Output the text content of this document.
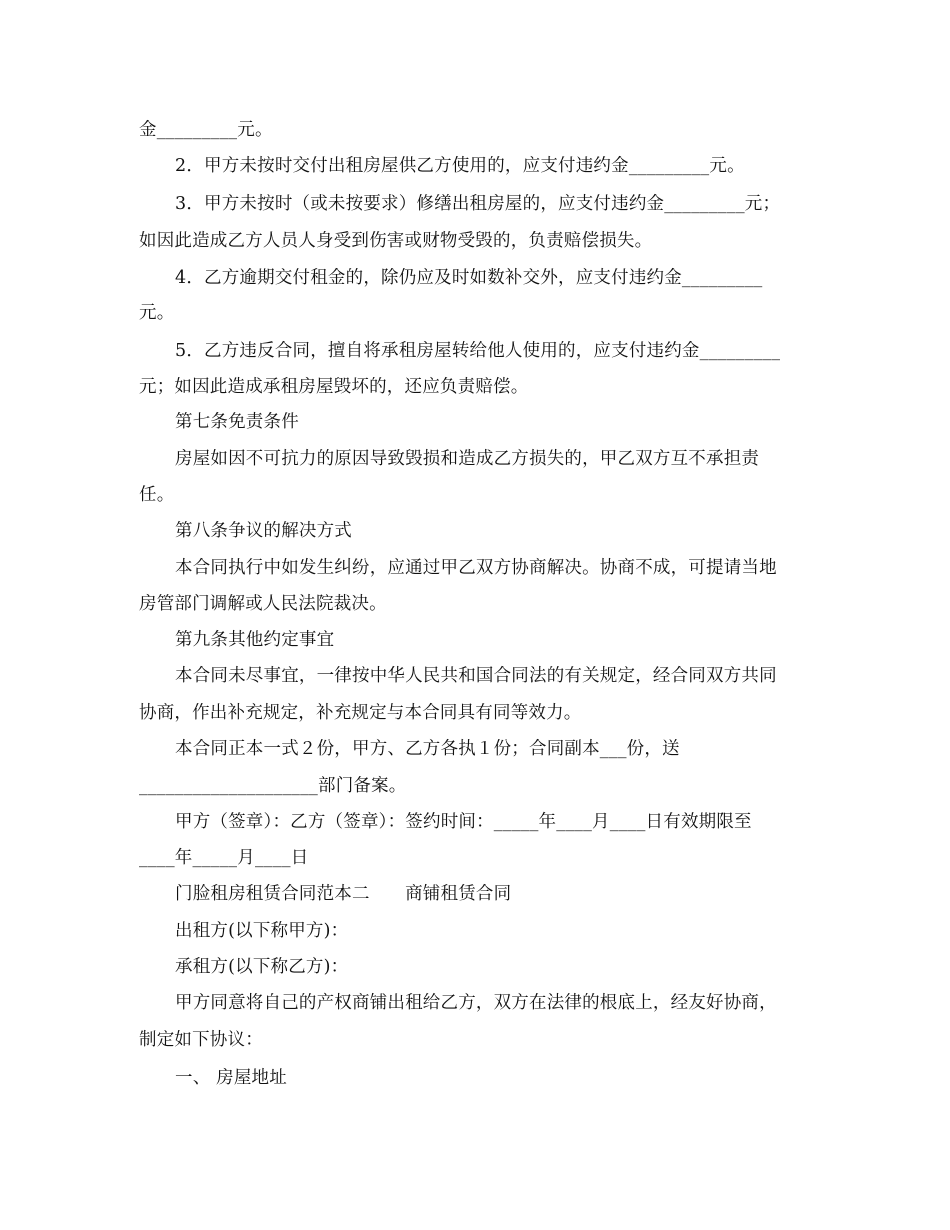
金_________元。
2．甲方未按时交付出租房屋供乙方使用的，应支付违约金_________元。
3．甲方未按时（或未按要求）修缮出租房屋的，应支付违约金_________元；
如因此造成乙方人员人身受到伤害或财物受毁的，负责赔偿损失。
4．乙方逾期交付租金的，除仍应及时如数补交外，应支付违约金_________
元。
5．乙方违反合同，擅自将承租房屋转给他人使用的，应支付违约金_________
元；如因此造成承租房屋毁坏的，还应负责赔偿。
第七条免责条件
房屋如因不可抗力的原因导致毁损和造成乙方损失的，甲乙双方互不承担责
任。
第八条争议的解决方式
本合同执行中如发生纠纷，应通过甲乙双方协商解决。协商不成，可提请当地
房管部门调解或人民法院裁决。
第九条其他约定事宜
本合同未尽事宜，一律按中华人民共和国合同法的有关规定，经合同双方共同
协商，作出补充规定，补充规定与本合同具有同等效力。
本合同正本一式２份，甲方、乙方各执１份；合同副本___份，送
____________________部门备案。
甲方（签章）：乙方（签章）：签约时间：_____年____月____日有效期限至
____年_____月____日
门脸租房租赁合同范本二　　商铺租赁合同
出租方(以下称甲方)：
承租方(以下称乙方)：
甲方同意将自己的产权商铺出租给乙方，双方在法律的根底上，经友好协商，
制定如下协议：
一、 房屋地址
